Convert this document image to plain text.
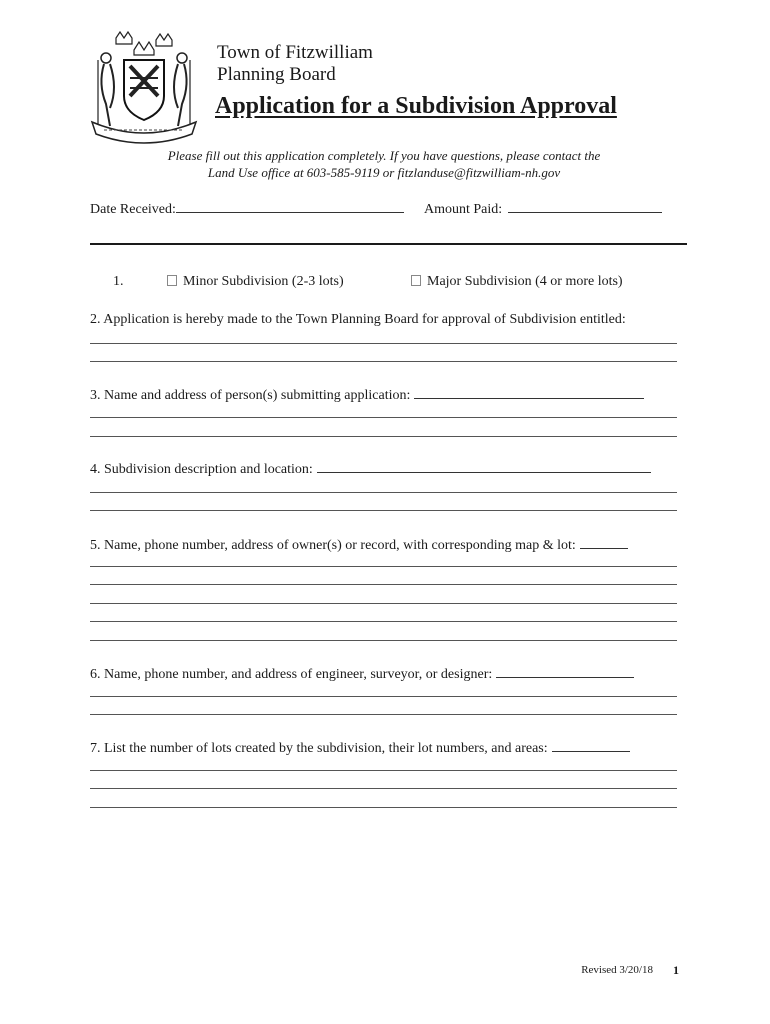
Town of Fitzwilliam
Planning Board
Application for a Subdivision Approval
Please fill out this application completely. If you have questions, please contact the
Land Use office at 603-585-9119 or fitzlanduse@fitzwilliam-nh.gov
Date Received:	Amount Paid:
1.	Minor Subdivision (2-3 lots)	Major Subdivision (4 or more lots)
2. Application is hereby made to the Town Planning Board for approval of Subdivision entitled:
3. Name and address of person(s) submitting application:
4. Subdivision description and location:
5. Name, phone number, address of owner(s) or record, with corresponding map & lot:
6. Name, phone number, and address of engineer, surveyor, or designer:
7. List the number of lots created by the subdivision, their lot numbers, and areas:
Revised 3/20/18 1
